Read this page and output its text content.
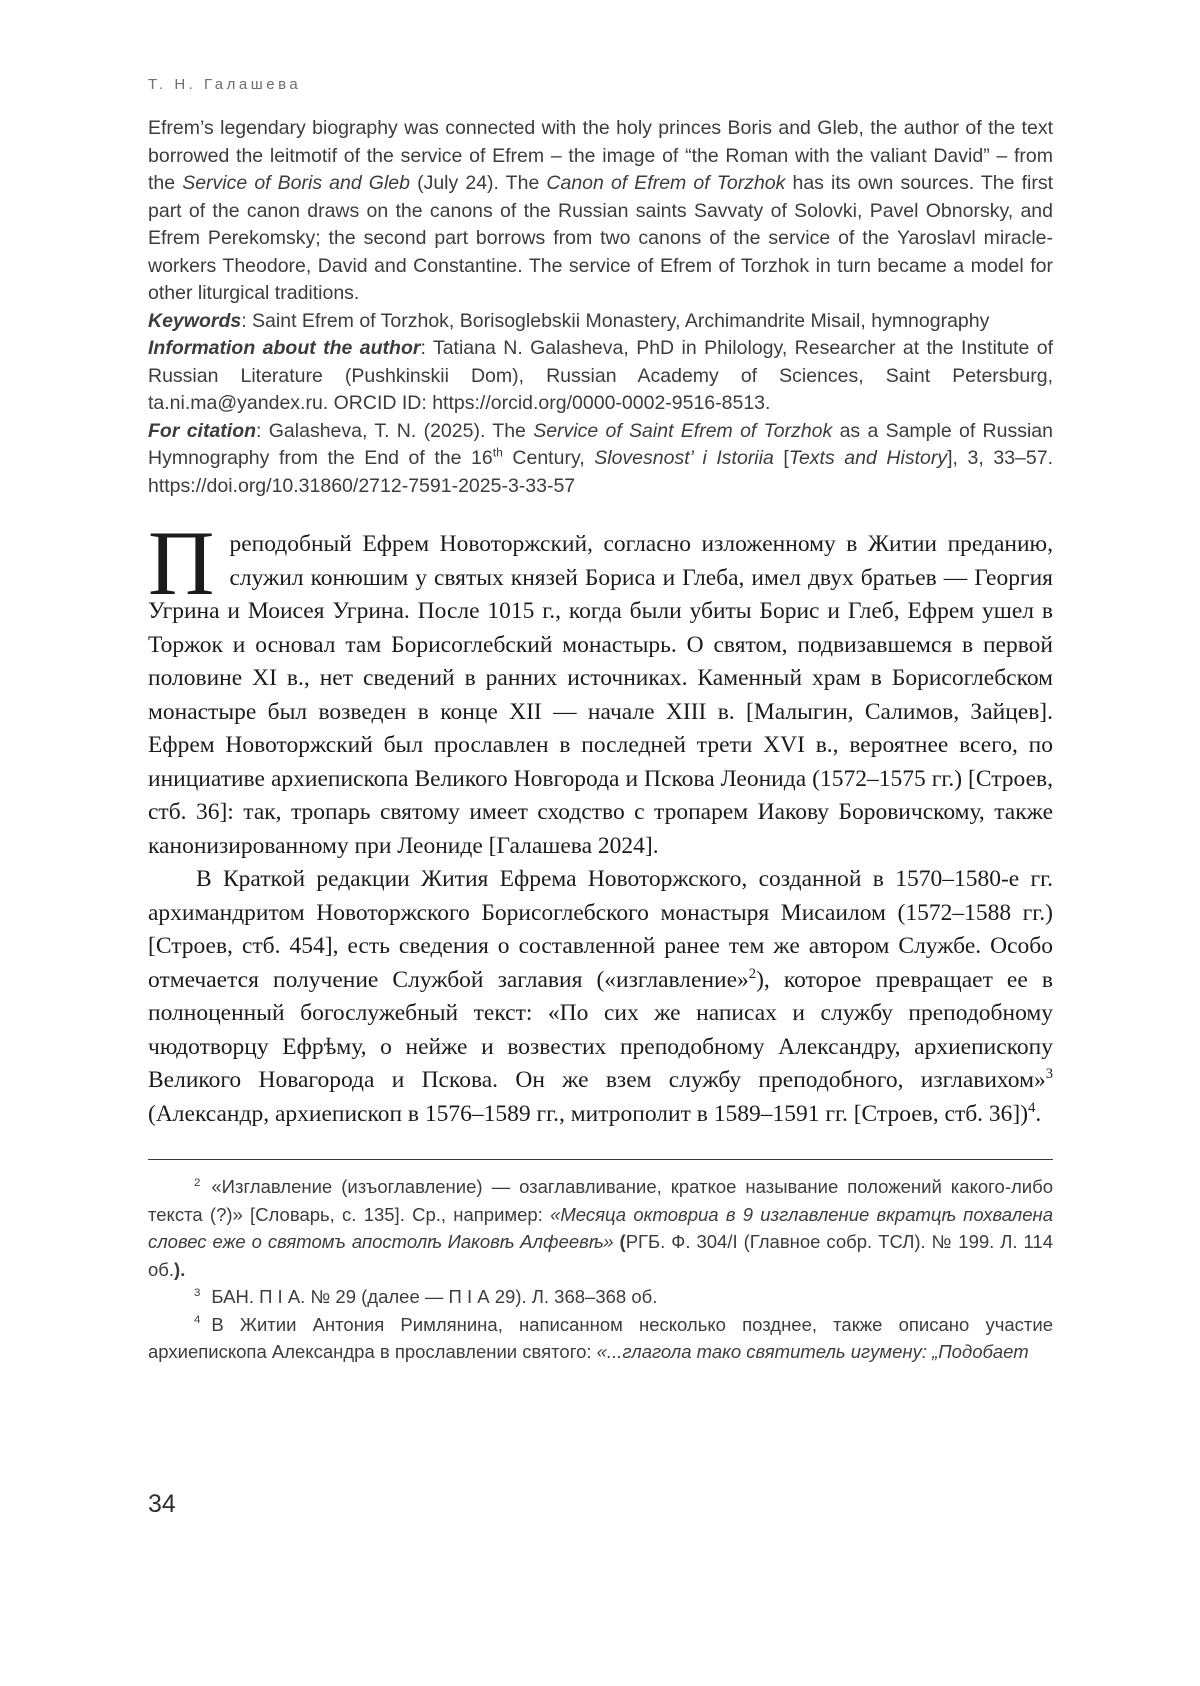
Т. Н. Галашева

Efrem’s legendary biography was connected with the holy princes Boris and Gleb, the author of the text borrowed the leitmotif of the service of Efrem – the image of “the Roman with the valiant David” – from the Service of Boris and Gleb (July 24). The Canon of Efrem of Torzhok has its own sources. The first part of the canon draws on the canons of the Russian saints Savvaty of Solovki, Pavel Obnorsky, and Efrem Perekomsky; the second part borrows from two canons of the service of the Yaroslavl miracle-workers Theodore, David and Constantine. The service of Efrem of Torzhok in turn became a model for other liturgical traditions.

Keywords: Saint Efrem of Torzhok, Borisoglebskii Monastery, Archimandrite Misail, hymnography

Information about the author: Tatiana N. Galasheva, PhD in Philology, Researcher at the Institute of Russian Literature (Pushkinskii Dom), Russian Academy of Sciences, Saint Petersburg, ta.ni.ma@yandex.ru. ORCID ID: https://orcid.org/0000-0002-9516-8513.

For citation: Galasheva, T. N. (2025). The Service of Saint Efrem of Torzhok as a Sample of Russian Hymnography from the End of the 16th Century, Slovesnost’ i Istoriia [Texts and History], 3, 33–57. https://doi.org/10.31860/2712-7591-2025-3-33-57

Преподобный Ефрем Новоторжский, согласно изложенному в Житии преданию, служил конюшим у святых князей Бориса и Глеба, имел двух братьев — Георгия Угрина и Моисея Угрина. После 1015 г., когда были убиты Борис и Глеб, Ефрем ушел в Торжок и основал там Борисоглебский монастырь. О святом, подвизавшемся в первой половине XI в., нет сведений в ранних источниках. Каменный храм в Борисоглебском монастыре был возведен в конце XII — начале XIII в. [Малыгин, Салимов, Зайцев]. Ефрем Новоторжский был прославлен в последней трети XVI в., вероятнее всего, по инициативе архиепископа Великого Новгорода и Пскова Леонида (1572–1575 гг.) [Строев, стб. 36]: так, тропарь святому имеет сходство с тропарем Иакову Боровичскому, также канонизированному при Леониде [Галашева 2024].

В Краткой редакции Жития Ефрема Новоторжского, созданной в 1570–1580-е гг. архимандритом Новоторжского Борисоглебского монастыря Мисаилом (1572–1588 гг.) [Строев, стб. 454], есть сведения о составленной ранее тем же автором Службе. Особо отмечается получение Службой заглавия («изглавление»$^2$), которое превращает ее в полноценный богослужебный текст: «По сих же написах и службу преподобному чюдотворцу Ефрѣму, о нейже и возвестих преподобному Александру, архиепископу Великого Новагорода и Пскова. Он же взем службу преподобного, изглавихом»$^3$ (Александр, архиепископ в 1576–1589 гг., митрополит в 1589–1591 гг. [Строев, стб. 36])$^4$.

$^2$ «Изглавление (изъоглавление) — озаглавливание, краткое называние положений какого-либо текста (?)» [Словарь, с. 135]. Ср., например: «Месяца октовриа в 9 изглавление вкратцѣ похвалена словес еже о святомъ апостолѣ Иаковѣ Алфеевѣ» (РГБ. Ф. 304/I (Главное собр. ТСЛ). № 199. Л. 114 об.).

$^3$ БАН. П I А. № 29 (далее — П I А 29). Л. 368–368 об.

$^4$ В Житии Антония Римлянина, написанном несколько позднее, также описано участие архиепископа Александра в прославлении святого: «...глагола тако святитель игумену: „Подобает

34
